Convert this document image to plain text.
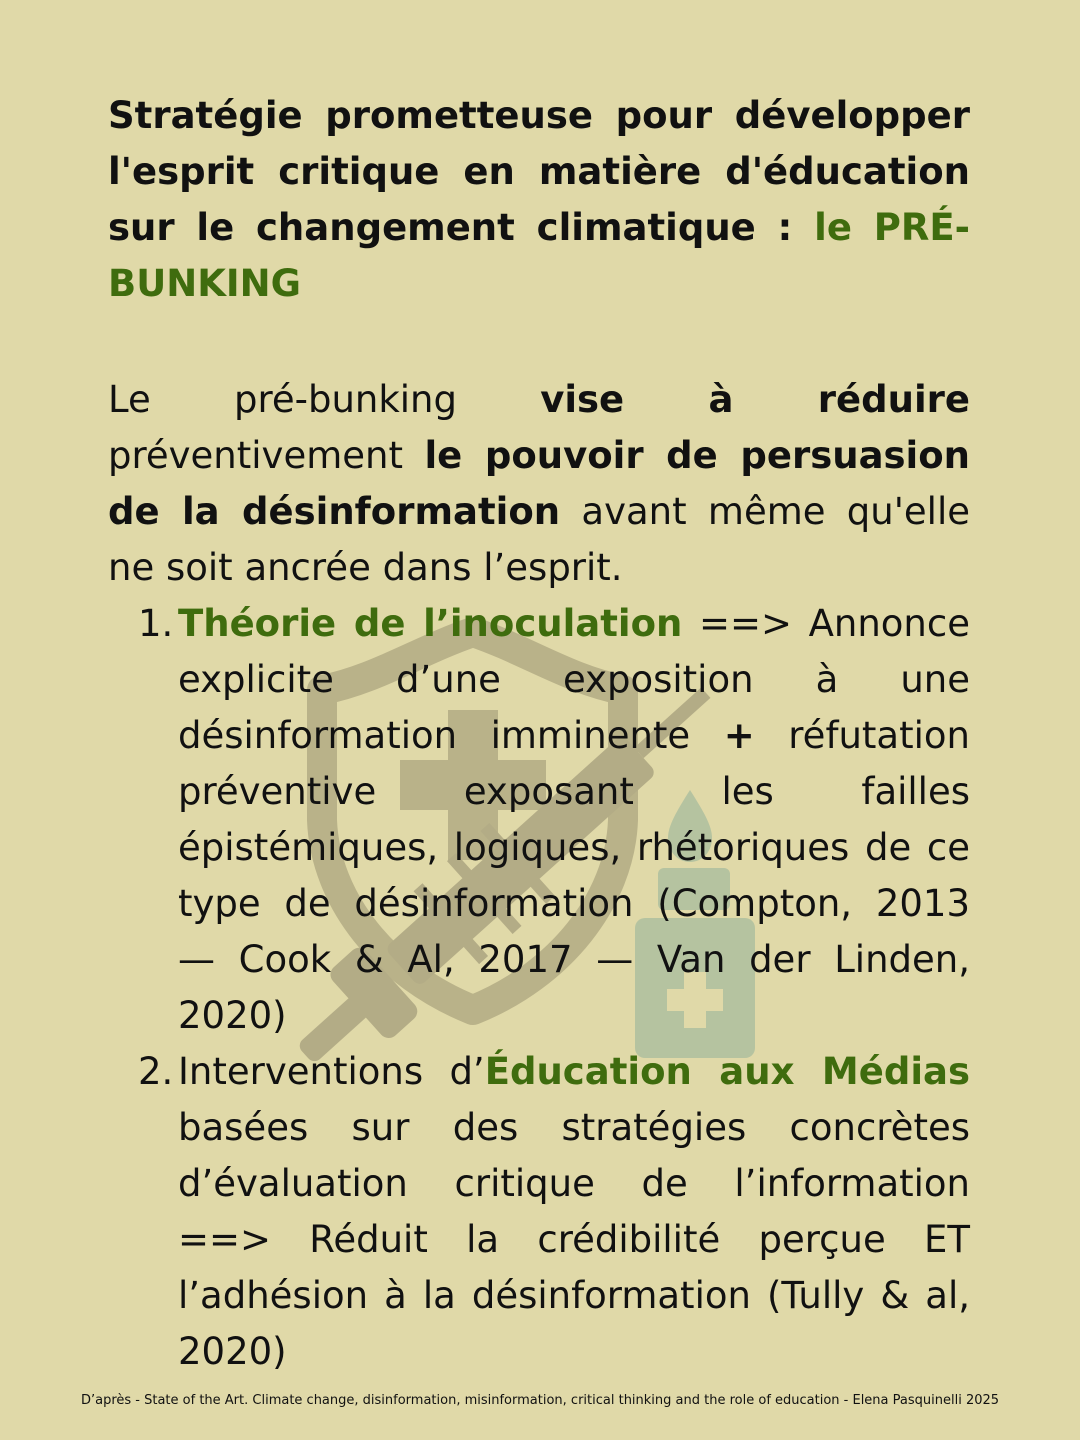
Stratégie prometteuse pour développer l'esprit critique en matière d'éducation sur le changement climatique : le PRÉ-BUNKING

Le pré-bunking vise à réduire préventivement le pouvoir de persuasion de la désinformation avant même qu'elle ne soit ancrée dans l’esprit.

1. Théorie de l’inoculation ==> Annonce explicite d’une exposition à une désinformation imminente + réfutation préventive exposant les failles épistémiques, logiques, rhétoriques de ce type de désinformation (Compton, 2013 — Cook & Al, 2017 — Van der Linden, 2020)
2. Interventions d’Éducation aux Médias basées sur des stratégies concrètes d’évaluation critique de l’information ==> Réduit la crédibilité perçue ET l’adhésion à la désinformation (Tully & al, 2020)
D’après - State of the Art. Climate change, disinformation, misinformation, critical thinking and the role of education - Elena Pasquinelli 2025
